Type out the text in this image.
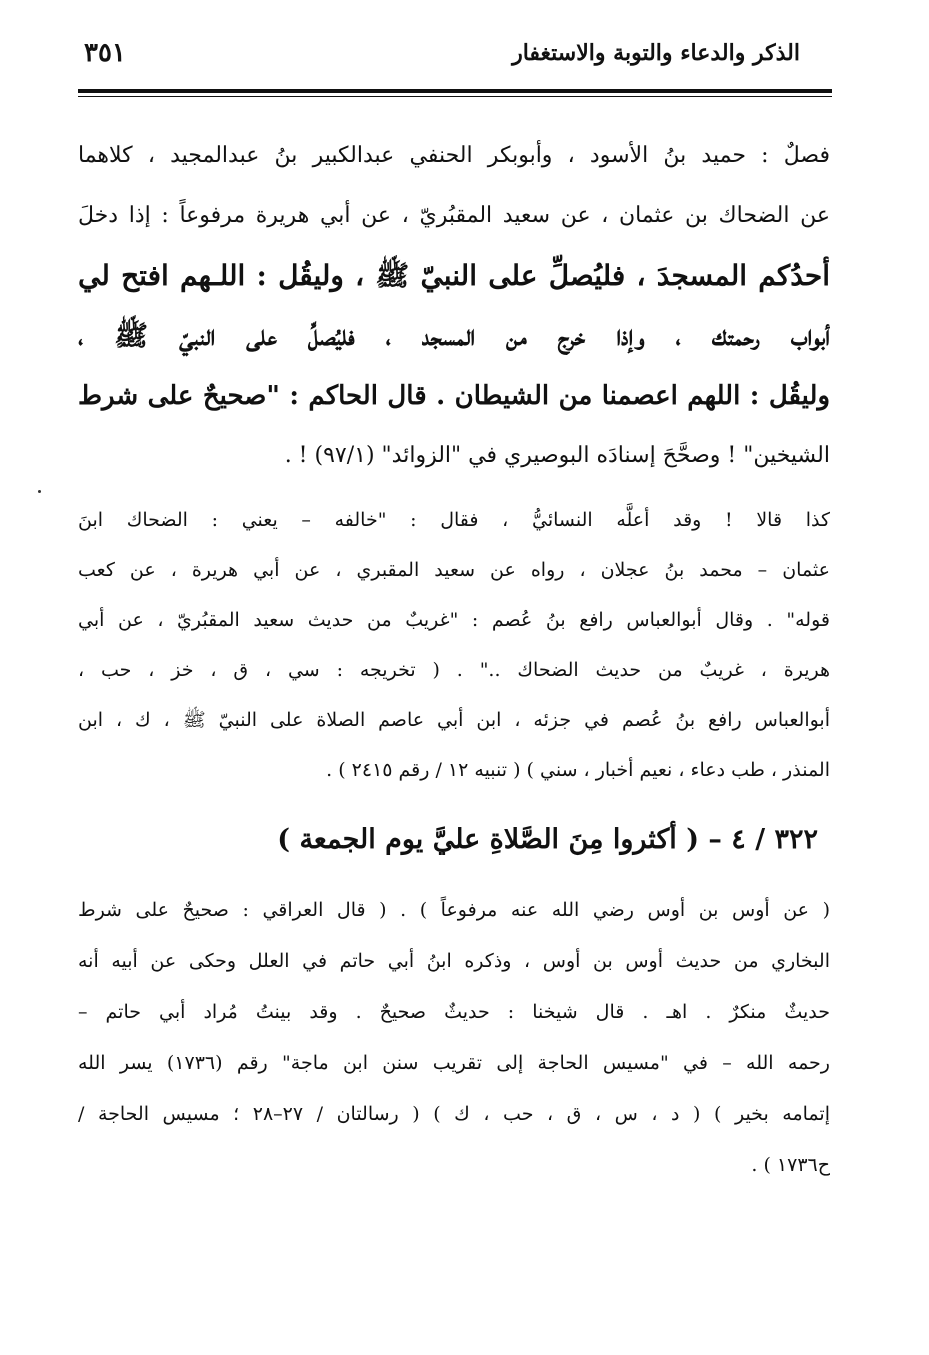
الذكر والدعاء والتوبة والاستغفار
٣٥١
فصلٌ : حميد بنُ الأسود ، وأبوبكر الحنفي عبدالكبير بنُ عبدالمجيد ، كلاهما
عن الضحاك بن عثمان ، عن سعيد المقبُريّ ، عن أبي هريرة مرفوعاً : إذا دخلَ
أحدُكم المسجدَ ، فليُصلِّ على النبيّ ﷺ ، وليقُل : اللـهم افتح لي
أبواب رحمتك ، وإذا خرج من المسجد ، فليُصلِّ على النبيّ ﷺ ،
وليقُل : اللهم اعصمنا من الشيطان . قال الحاكم : "صحيحٌ على شرط
الشيخين" ! وصحَّحَ إسنادَه البوصيري في "الزوائد" (٩٧/١) ! .
كذا قالا ! وقد أعلَّه النسائيُّ ، فقال : "خالفه – يعني : الضحاك ابنَ
عثمان – محمد بنُ عجلان ، رواه عن سعيد المقبري ، عن أبي هريرة ، عن كعب
قوله" . وقال أبوالعباس رافع بنُ عُصم : "غريبٌ من حديث سعيد المقبُريّ ، عن أبي
هريرة ، غريبٌ من حديث الضحاك .." . ( تخريجه : سي ، ق ، خز ، حب ،
أبوالعباس رافع بنُ عُصم في جزئه ، ابن أبي عاصم الصلاة على النبيّ ﷺ ، ك ، ابن
المنذر ، طب دعاء ، نعيم أخبار ، سني ) ( تنبيه ١٢ / رقم ٢٤١٥ ) .
٣٢٢ / ٤ – ( أكثروا مِنَ الصَّلاةِ عليَّ يوم الجمعة )
( عن أوس بن أوس رضي الله عنه مرفوعاً ) . ( قال العراقي : صحيحٌ على شرط
البخاري من حديث أوس بن أوس ، وذكره ابنُ أبي حاتم في العلل وحكى عن أبيه أنه
حديثٌ منكرٌ . اهـ . قال شيخنا : حديثٌ صحيحٌ . وقد بينتُ مُراد أبي حاتم –
رحمه الله – في "مسيس الحاجة إلى تقريب سنن ابن ماجة" رقم (١٧٣٦) يسر الله
إتمامه بخير ) ( د ، س ، ق ، حب ، ك ) ( رسالتان / ٢٧–٢٨ ؛ مسيس الحاجة /
ح١٧٣٦ ) .
